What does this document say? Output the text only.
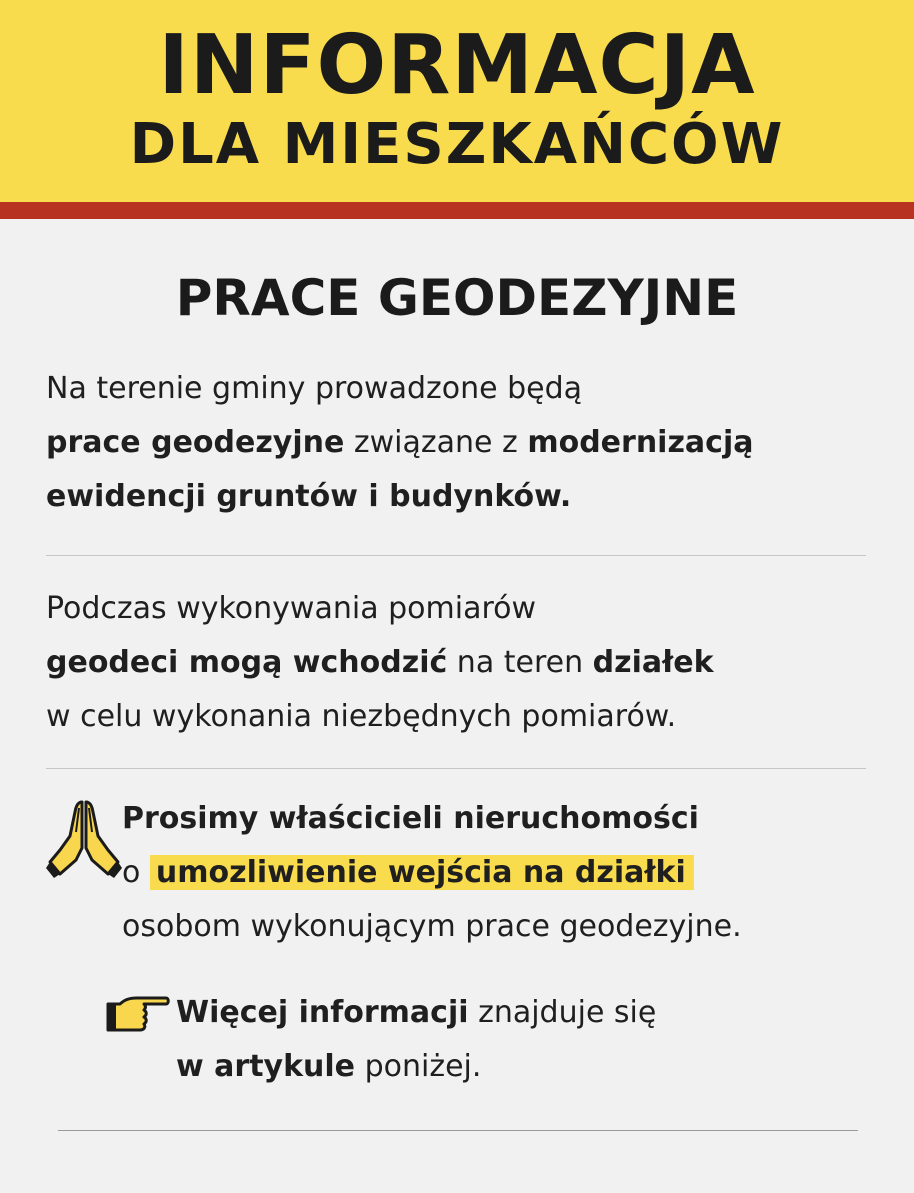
INFORMACJA
DLA MIESZKAŃCÓW
PRACE GEODEZYJNE
Na terenie gminy prowadzone będą
prace geodezyjne związane z modernizacją
ewidencji gruntów i budynków.
Podczas wykonywania pomiarów
geodeci mogą wchodzić na teren działek
w celu wykonania niezbędnych pomiarów.
Prosimy właścicieli nieruchomości
o umozliwienie wejścia na działki
osobom wykonującym prace geodezyjne.
Więcej informacji znajduje się
w artykule poniżej.
